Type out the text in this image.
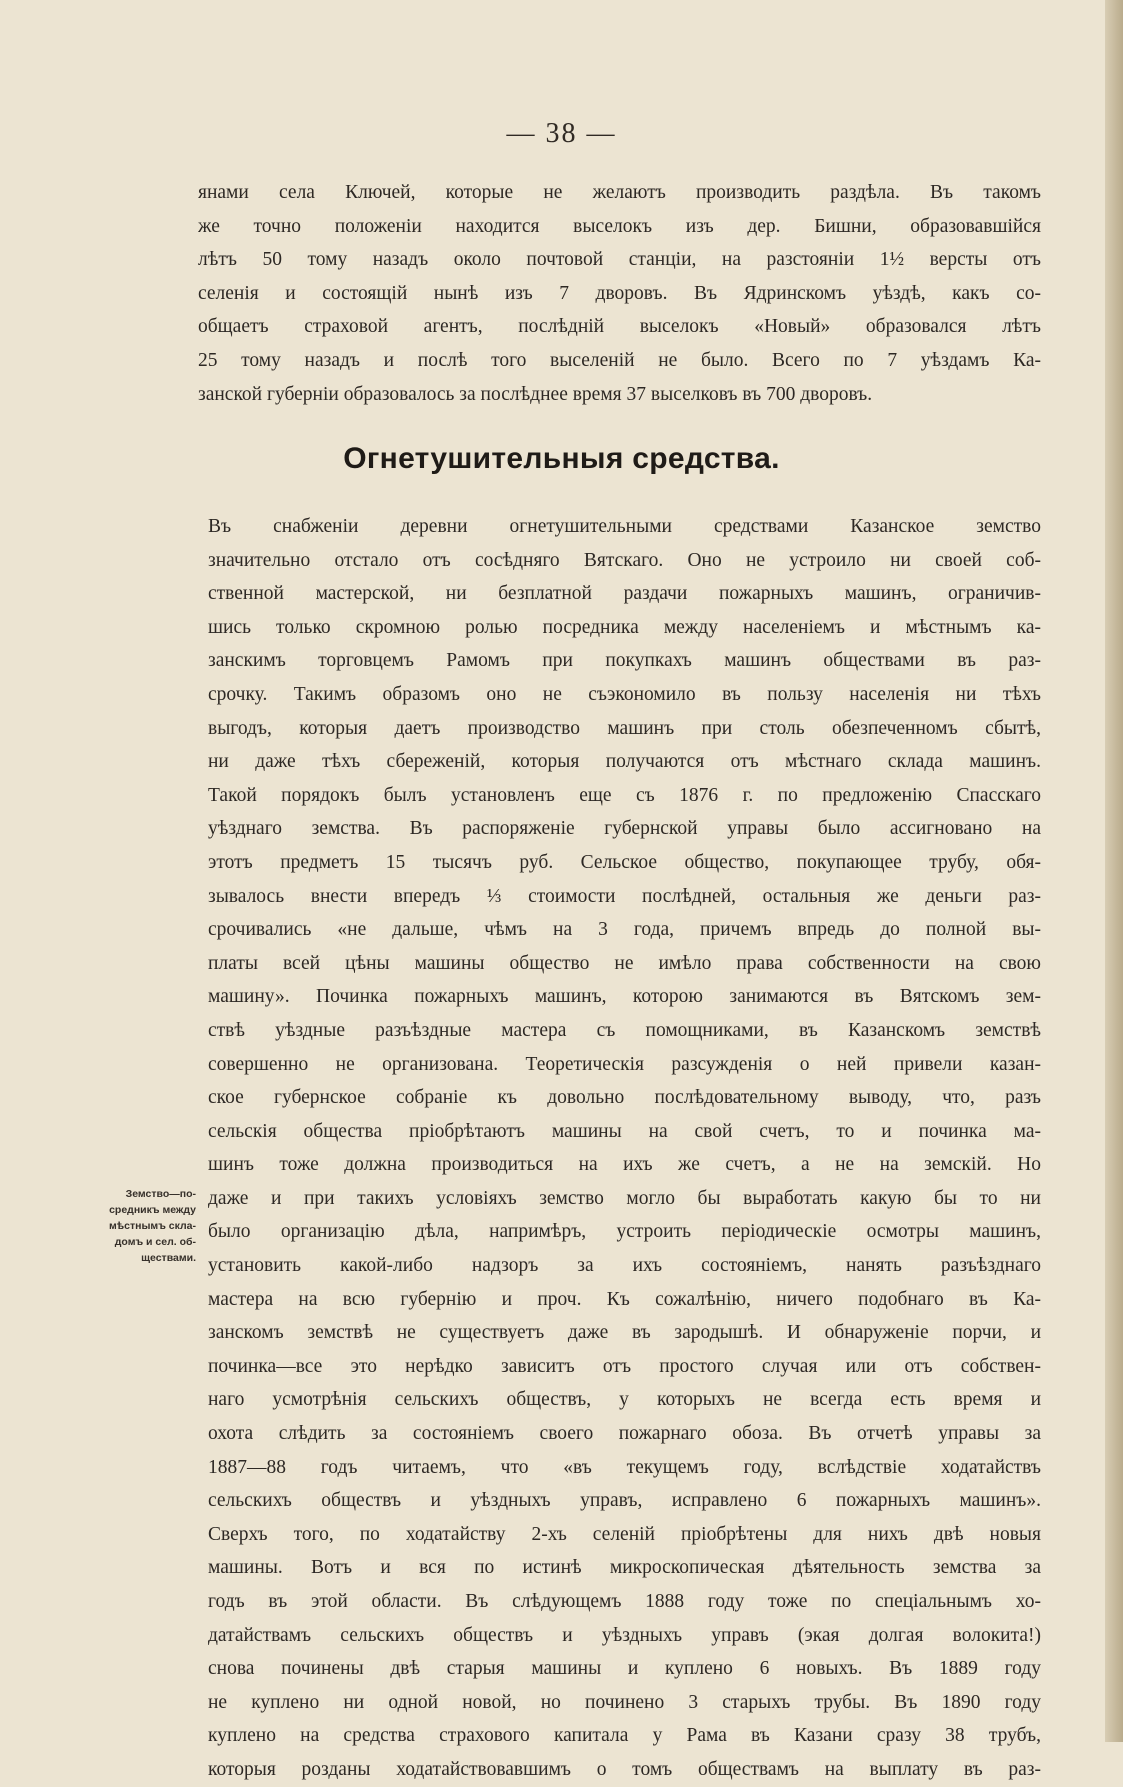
— 38 —
янами села Ключей, которые не желаютъ производить раздѣла. Въ такомъ
же точно положеніи находится выселокъ изъ дер. Бишни, образовавшійся
лѣтъ 50 тому назадъ около почтовой станціи, на разстояніи 1½ версты отъ
селенія и состоящій нынѣ изъ 7 дворовъ. Въ Ядринскомъ уѣздѣ, какъ со-
общаетъ страховой агентъ, послѣдній выселокъ «Новый» образовался лѣтъ
25 тому назадъ и послѣ того выселеній не было. Всего по 7 уѣздамъ Ка-
занской губерніи образовалось за послѣднее время 37 выселковъ въ 700 дворовъ.
Огнетушительныя средства.
Въ снабженіи деревни огнетушительными средствами Казанское земство
значительно отстало отъ сосѣдняго Вятскаго. Оно не устроило ни своей соб-
ственной мастерской, ни безплатной раздачи пожарныхъ машинъ, ограничив-
шись только скромною ролью посредника между населеніемъ и мѣстнымъ ка-
занскимъ торговцемъ Рамомъ при покупкахъ машинъ обществами въ раз-
срочку. Такимъ образомъ оно не съэкономило въ пользу населенія ни тѣхъ
выгодъ, которыя даетъ производство машинъ при столь обезпеченномъ сбытѣ,
ни даже тѣхъ сбереженій, которыя получаются отъ мѣстнаго склада машинъ.
Такой порядокъ былъ установленъ еще съ 1876 г. по предложенію Спасскаго
уѣзднаго земства. Въ распоряженіе губернской управы было ассигновано на
этотъ предметъ 15 тысячъ руб. Сельское общество, покупающее трубу, обя-
зывалось внести впередъ ⅓ стоимости послѣдней, остальныя же деньги раз-
срочивались «не дальше, чѣмъ на 3 года, причемъ впредь до полной вы-
платы всей цѣны машины общество не имѣло права собственности на свою
машину». Починка пожарныхъ машинъ, которою занимаются въ Вятскомъ зем-
ствѣ уѣздные разъѣздные мастера съ помощниками, въ Казанскомъ земствѣ
совершенно не организована. Теоретическія разсужденія о ней привели казан-
ское губернское собраніе къ довольно послѣдовательному выводу, что, разъ
сельскія общества пріобрѣтаютъ машины на свой счетъ, то и починка ма-
шинъ тоже должна производиться на ихъ же счетъ, а не на земскій. Но
даже и при такихъ условіяхъ земство могло бы выработать какую бы то ни
было организацію дѣла, напримѣръ, устроить періодическіе осмотры машинъ,
установить какой-либо надзоръ за ихъ состояніемъ, нанять разъѣзднаго
мастера на всю губернію и проч. Къ сожалѣнію, ничего подобнаго въ Ка-
занскомъ земствѣ не существуетъ даже въ зародышѣ. И обнаруженіе порчи, и
починка—все это нерѣдко зависитъ отъ простого случая или отъ собствен-
наго усмотрѣнія сельскихъ обществъ, у которыхъ не всегда есть время и
охота слѣдить за состояніемъ своего пожарнаго обоза. Въ отчетѣ управы за
1887—88 годъ читаемъ, что «въ текущемъ году, вслѣдствіе ходатайствъ
сельскихъ обществъ и уѣздныхъ управъ, исправлено 6 пожарныхъ машинъ».
Сверхъ того, по ходатайству 2-хъ селеній пріобрѣтены для нихъ двѣ новыя
машины. Вотъ и вся по истинѣ микроскопическая дѣятельность земства за
годъ въ этой области. Въ слѣдующемъ 1888 году тоже по спеціальнымъ хо-
датайствамъ сельскихъ обществъ и уѣздныхъ управъ (экая долгая волокита!)
снова починены двѣ старыя машины и куплено 6 новыхъ. Въ 1889 году
не куплено ни одной новой, но починено 3 старыхъ трубы. Въ 1890 году
куплено на средства страхового капитала у Рама въ Казани сразу 38 трубъ,
которыя розданы ходатайствовавшимъ о томъ обществамъ на выплату въ раз-
Земство—по-
средникъ между
мѣстнымъ скла-
домъ и сел. об-
ществами.
